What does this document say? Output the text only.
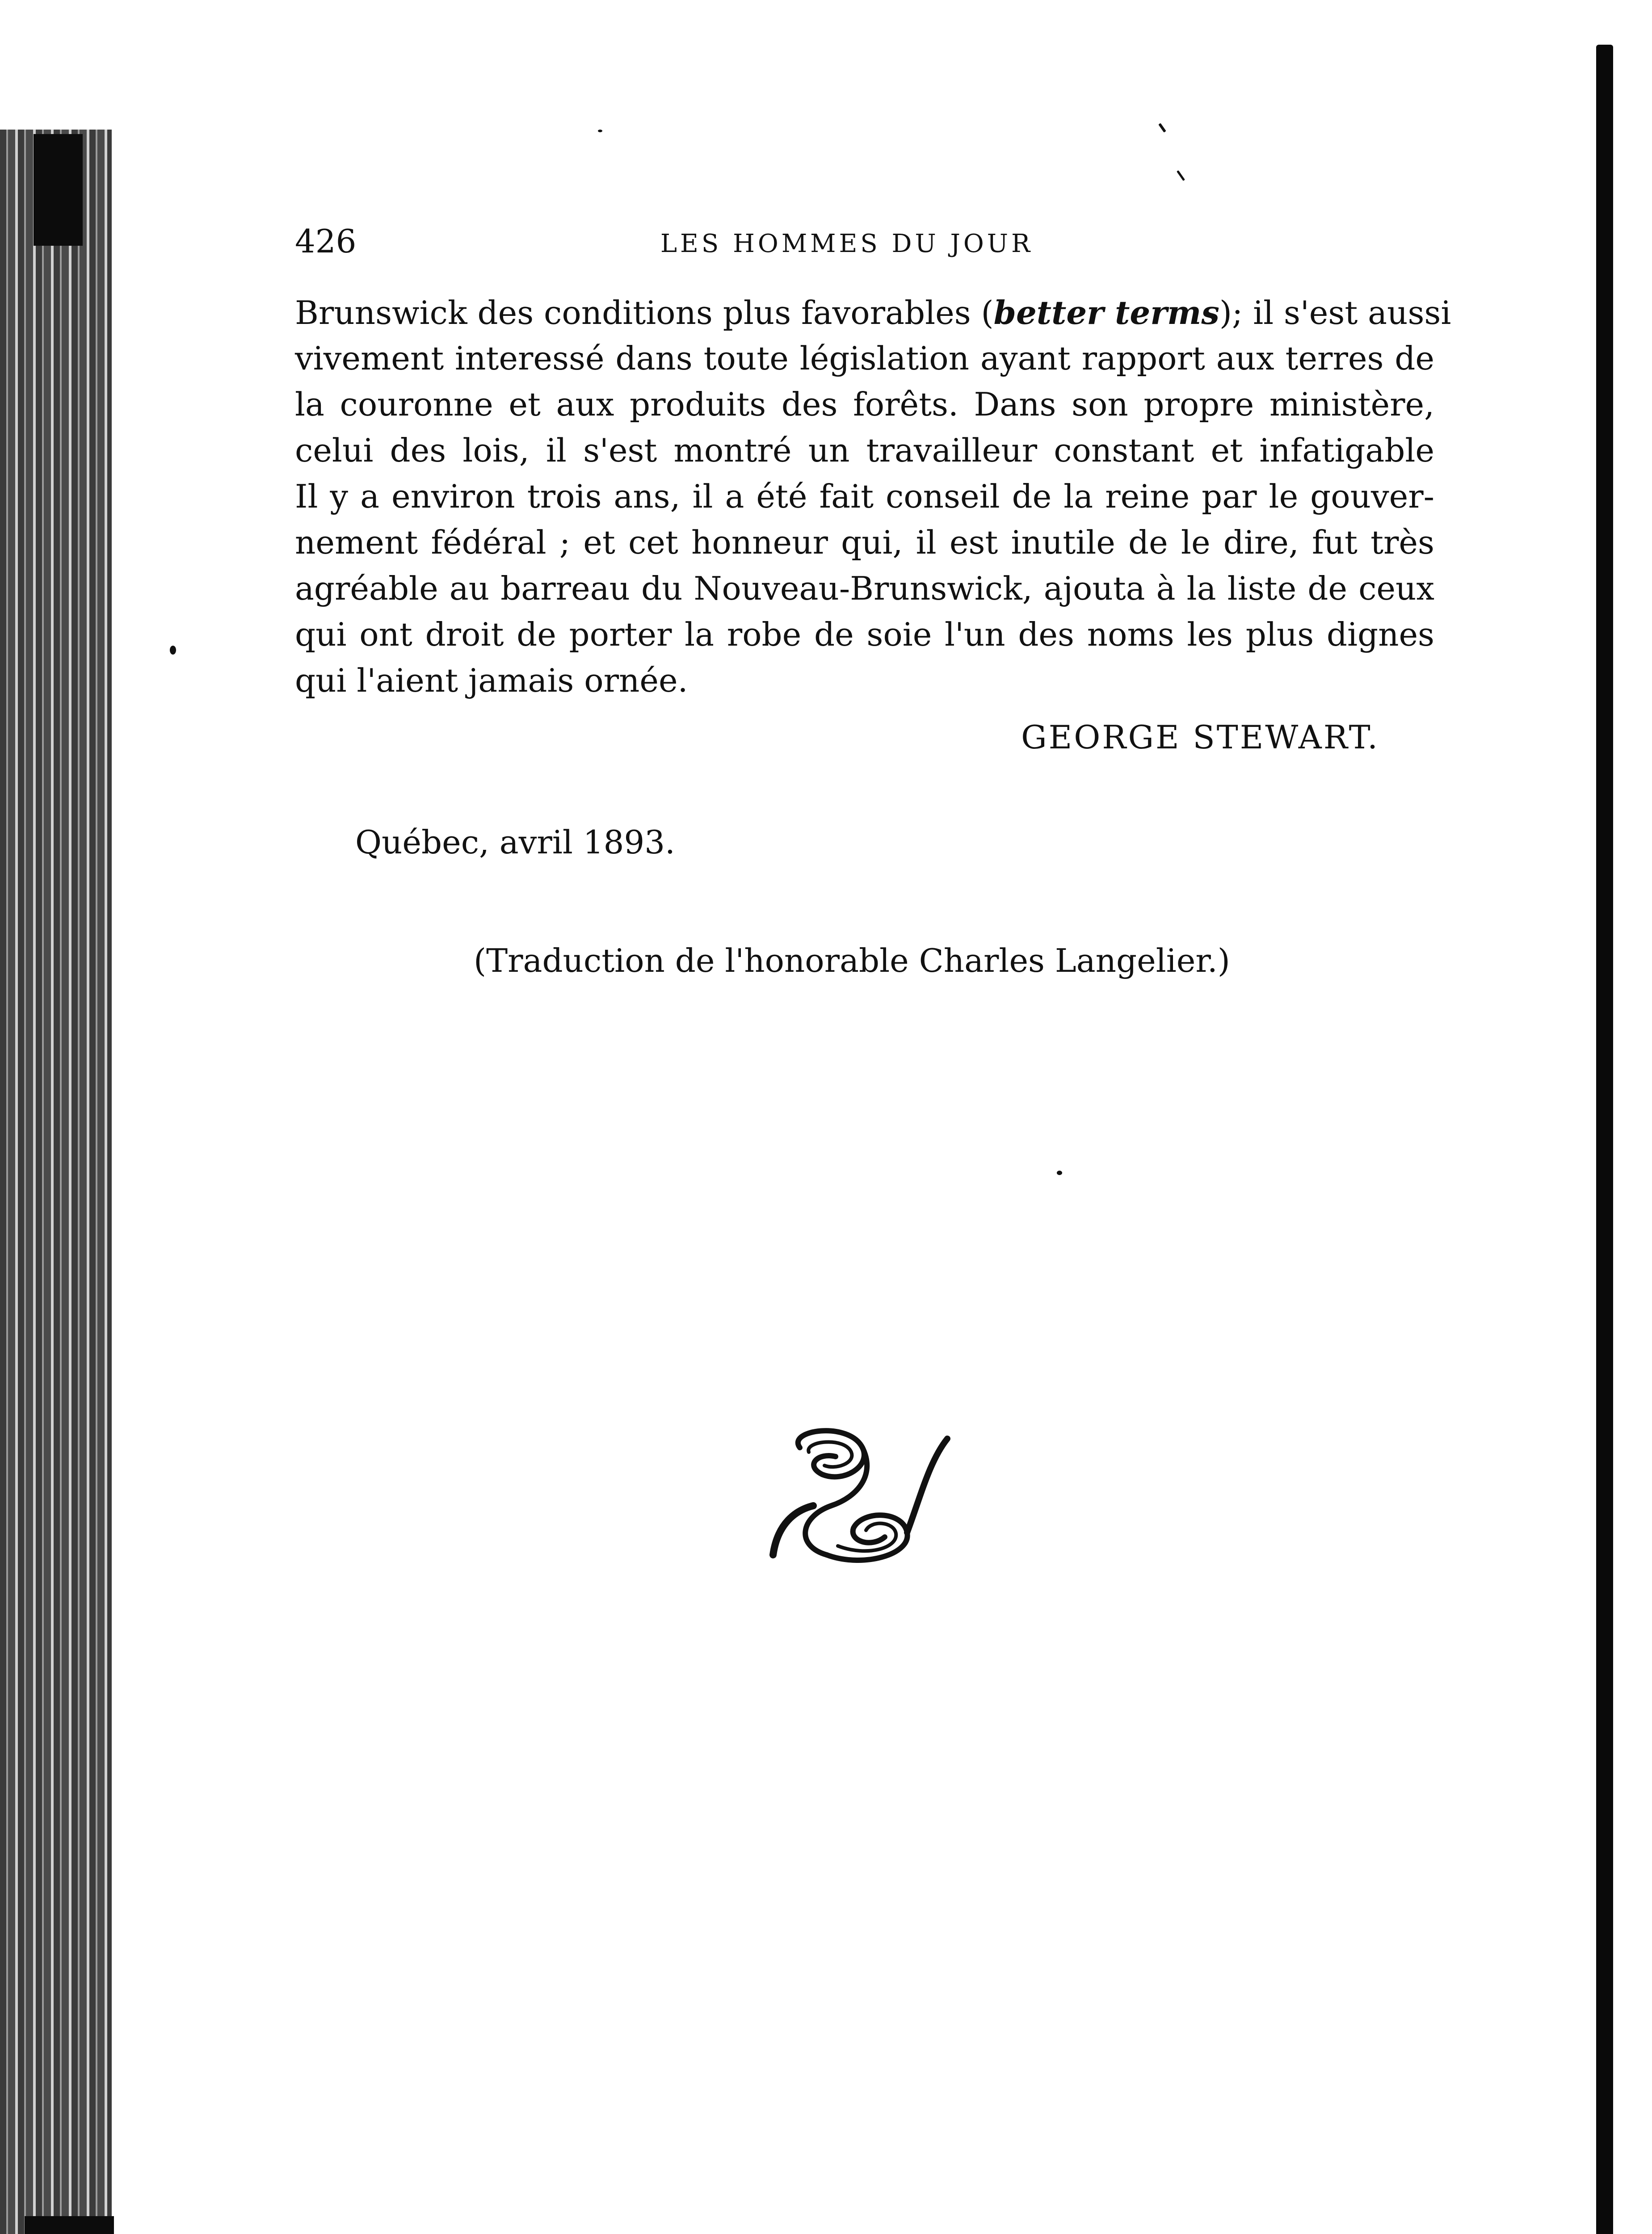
426	LES HOMMES DU JOUR
Brunswick des conditions plus favorables (better terms); il s'est aussi
vivement interessé dans toute législation ayant rapport aux terres de
la couronne et aux produits des forêts. Dans son propre ministère,
celui des lois, il s'est montré un travailleur constant et infatigable
Il y a environ trois ans, il a été fait conseil de la reine par le gouver-
nement fédéral ; et cet honneur qui, il est inutile de le dire, fut très
agréable au barreau du Nouveau-Brunswick, ajouta à la liste de ceux
qui ont droit de porter la robe de soie l'un des noms les plus dignes
qui l'aient jamais ornée.
GEORGE STEWART.
Québec, avril 1893.
(Traduction de l'honorable Charles Langelier.)
